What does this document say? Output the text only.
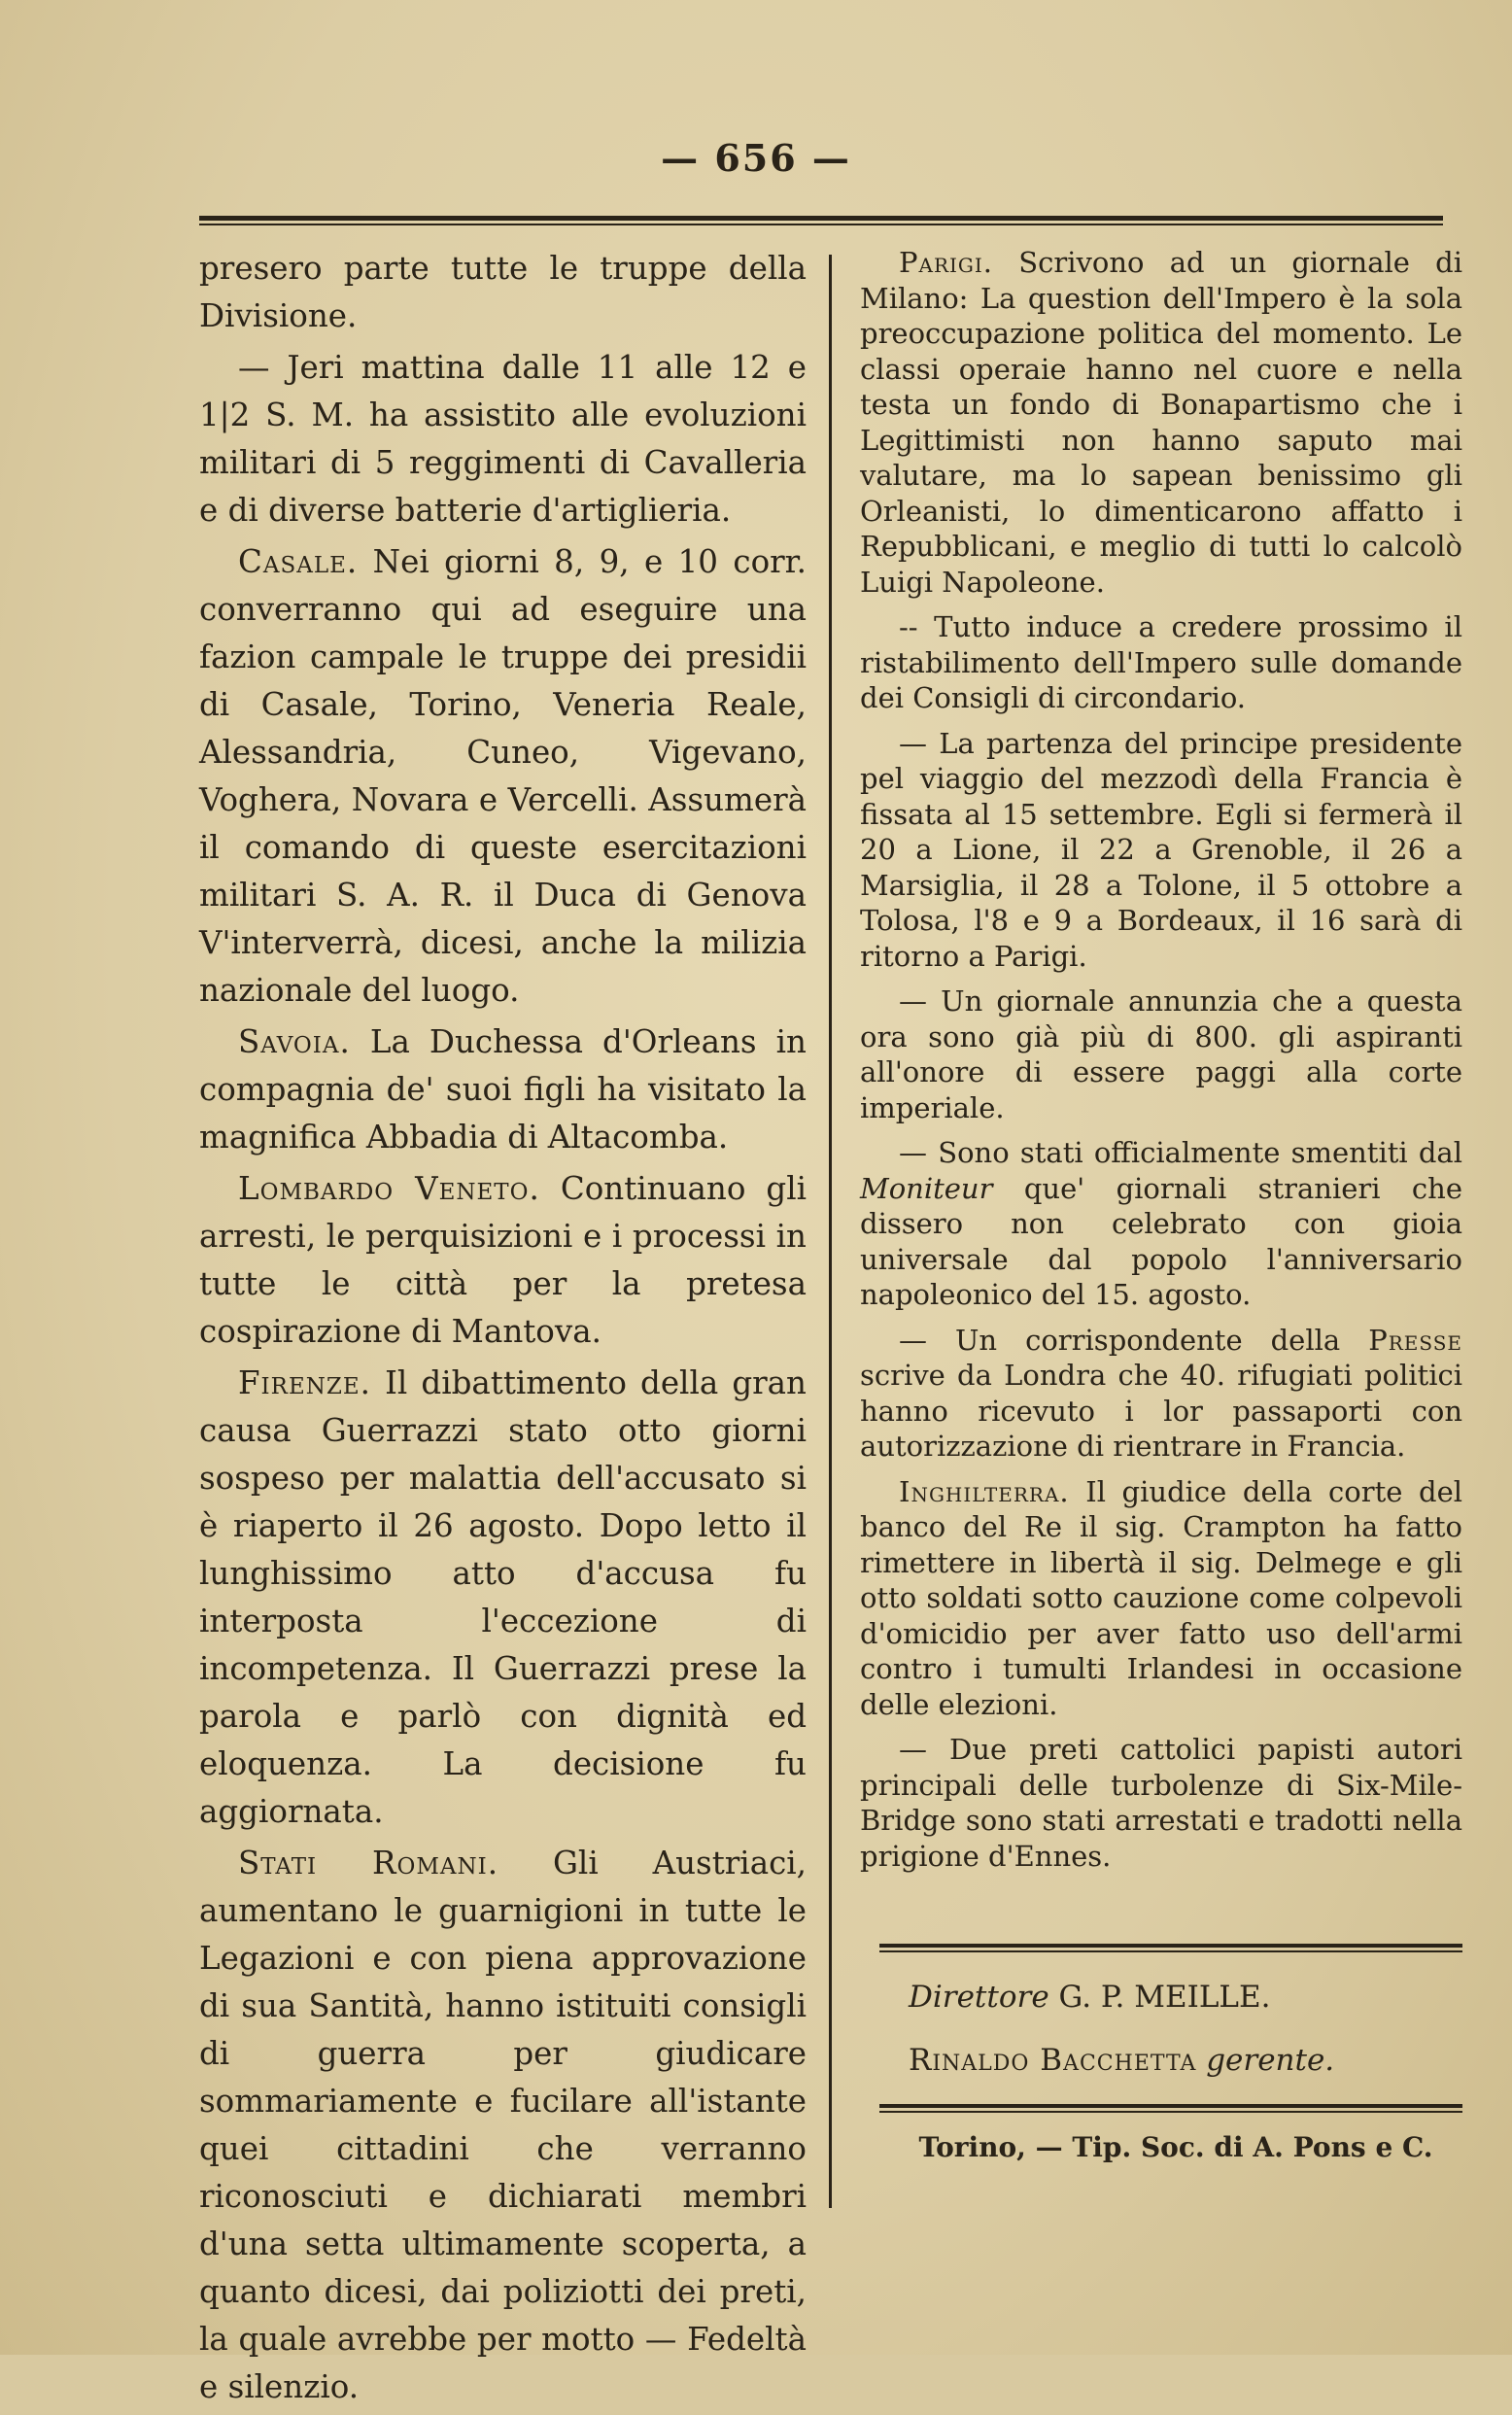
— 656 —

presero parte tutte le truppe della Divisione.

— Jeri mattina dalle 11 alle 12 e 1|2 S. M. ha assistito alle evoluzioni militari di 5 reggimenti di Cavalleria e di diverse batterie d'artiglieria.

Casale. Nei giorni 8, 9, e 10 corr. converranno qui ad eseguire una fazion campale le truppe dei presidii di Casale, Torino, Veneria Reale, Alessandria, Cuneo, Vigevano, Voghera, Novara e Vercelli. Assumerà il comando di queste esercitazioni militari S. A. R. il Duca di Genova V'interverrà, dicesi, anche la milizia nazionale del luogo.

Savoia. La Duchessa d'Orleans in compagnia de' suoi figli ha visitato la magnifica Abbadia di Altacomba.

Lombardo Veneto. Continuano gli arresti, le perquisizioni e i processi in tutte le città per la pretesa cospirazione di Mantova.

Firenze. Il dibattimento della gran causa Guerrazzi stato otto giorni sospeso per malattia dell'accusato si è riaperto il 26 agosto. Dopo letto il lunghissimo atto d'accusa fu interposta l'eccezione di incompetenza. Il Guerrazzi prese la parola e parlò con dignità ed eloquenza. La decisione fu aggiornata.

Stati Romani. Gli Austriaci, aumentano le guarnigioni in tutte le Legazioni e con piena approvazione di sua Santità, hanno istituiti consigli di guerra per giudicare sommariamente e fucilare all'istante quei cittadini che verranno riconosciuti e dichiarati membri d'una setta ultimamente scoperta, a quanto dicesi, dai poliziotti dei preti, la quale avrebbe per motto — Fedeltà e silenzio.

Parigi. Scrivono ad un giornale di Milano: La question dell'Impero è la sola preoccupazione politica del momento. Le classi operaie hanno nel cuore e nella testa un fondo di Bonapartismo che i Legittimisti non hanno saputo mai valutare, ma lo sapean benissimo gli Orleanisti, lo dimenticarono affatto i Repubblicani, e meglio di tutti lo calcolò Luigi Napoleone.

-- Tutto induce a credere prossimo il ristabilimento dell'Impero sulle domande dei Consigli di circondario.

— La partenza del principe presidente pel viaggio del mezzodì della Francia è fissata al 15 settembre. Egli si fermerà il 20 a Lione, il 22 a Grenoble, il 26 a Marsiglia, il 28 a Tolone, il 5 ottobre a Tolosa, l'8 e 9 a Bordeaux, il 16 sarà di ritorno a Parigi.

— Un giornale annunzia che a questa ora sono già più di 800. gli aspiranti all'onore di essere paggi alla corte imperiale.

— Sono stati officialmente smentiti dal Moniteur que' giornali stranieri che dissero non celebrato con gioia universale dal popolo l'anniversario napoleonico del 15. agosto.

— Un corrispondente della Presse scrive da Londra che 40. rifugiati politici hanno ricevuto i lor passaporti con autorizzazione di rientrare in Francia.

Inghilterra. Il giudice della corte del banco del Re il sig. Crampton ha fatto rimettere in libertà il sig. Delmege e gli otto soldati sotto cauzione come colpevoli d'omicidio per aver fatto uso dell'armi contro i tumulti Irlandesi in occasione delle elezioni.

— Due preti cattolici papisti autori principali delle turbolenze di Six-Mile-Bridge sono stati arrestati e tradotti nella prigione d'Ennes.

Direttore G. P. MEILLE.
Rinaldo Bacchetta gerente.
Torino, — Tip. Soc. di A. Pons e C.
